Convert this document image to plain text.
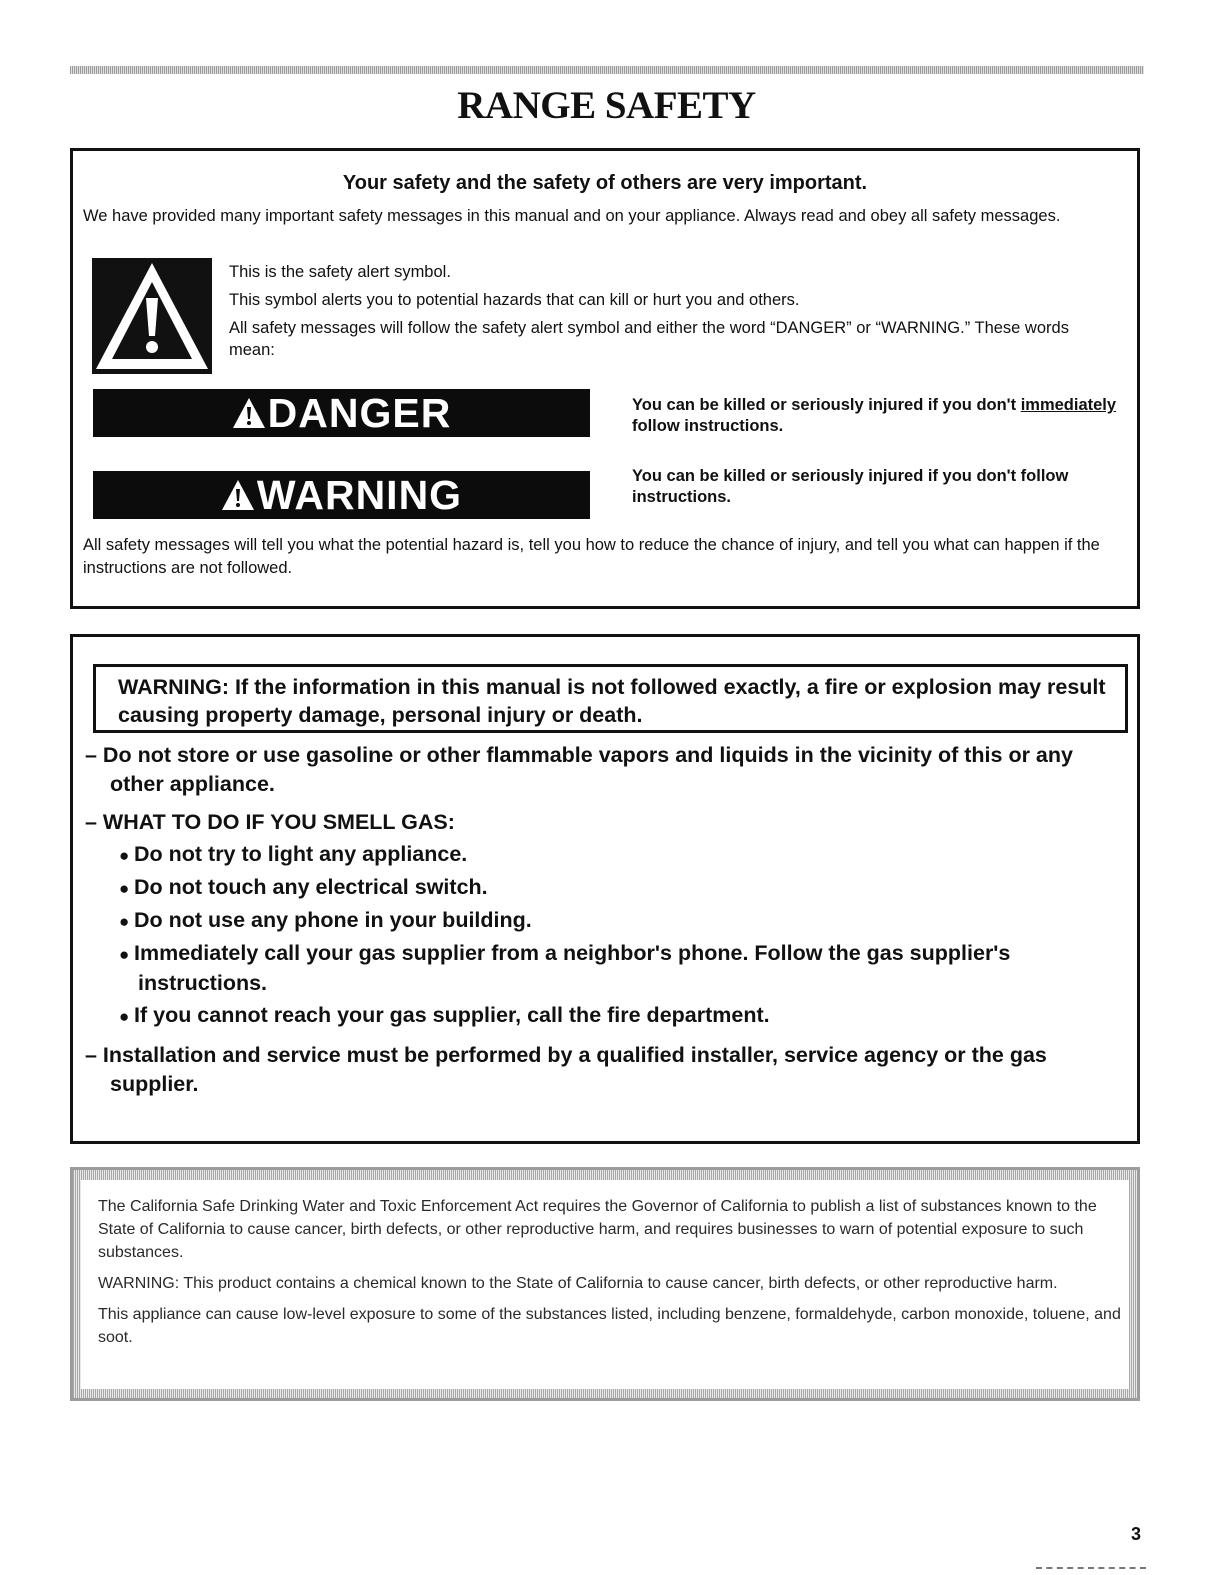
RANGE SAFETY
Your safety and the safety of others are very important.

We have provided many important safety messages in this manual and on your appliance. Always read and obey all safety messages.

This is the safety alert symbol.

This symbol alerts you to potential hazards that can kill or hurt you and others.

All safety messages will follow the safety alert symbol and either the word “DANGER” or “WARNING.” These words mean:

DANGER	You can be killed or seriously injured if you don't immediately follow instructions.

WARNING	You can be killed or seriously injured if you don't follow instructions.

All safety messages will tell you what the potential hazard is, tell you how to reduce the chance of injury, and tell you what can happen if the instructions are not followed.

WARNING: If the information in this manual is not followed exactly, a fire or explosion may result causing property damage, personal injury or death.

– Do not store or use gasoline or other flammable vapors and liquids in the vicinity of this or any other appliance.

– WHAT TO DO IF YOU SMELL GAS:

● Do not try to light any appliance.

● Do not touch any electrical switch.

● Do not use any phone in your building.

● Immediately call your gas supplier from a neighbor's phone. Follow the gas supplier's instructions.

● If you cannot reach your gas supplier, call the fire department.

– Installation and service must be performed by a qualified installer, service agency or the gas supplier.

The California Safe Drinking Water and Toxic Enforcement Act requires the Governor of California to publish a list of substances known to the State of California to cause cancer, birth defects, or other reproductive harm, and requires businesses to warn of potential exposure to such substances.

WARNING: This product contains a chemical known to the State of California to cause cancer, birth defects, or other reproductive harm.

This appliance can cause low-level exposure to some of the substances listed, including benzene, formaldehyde, carbon monoxide, toluene, and soot.

3
